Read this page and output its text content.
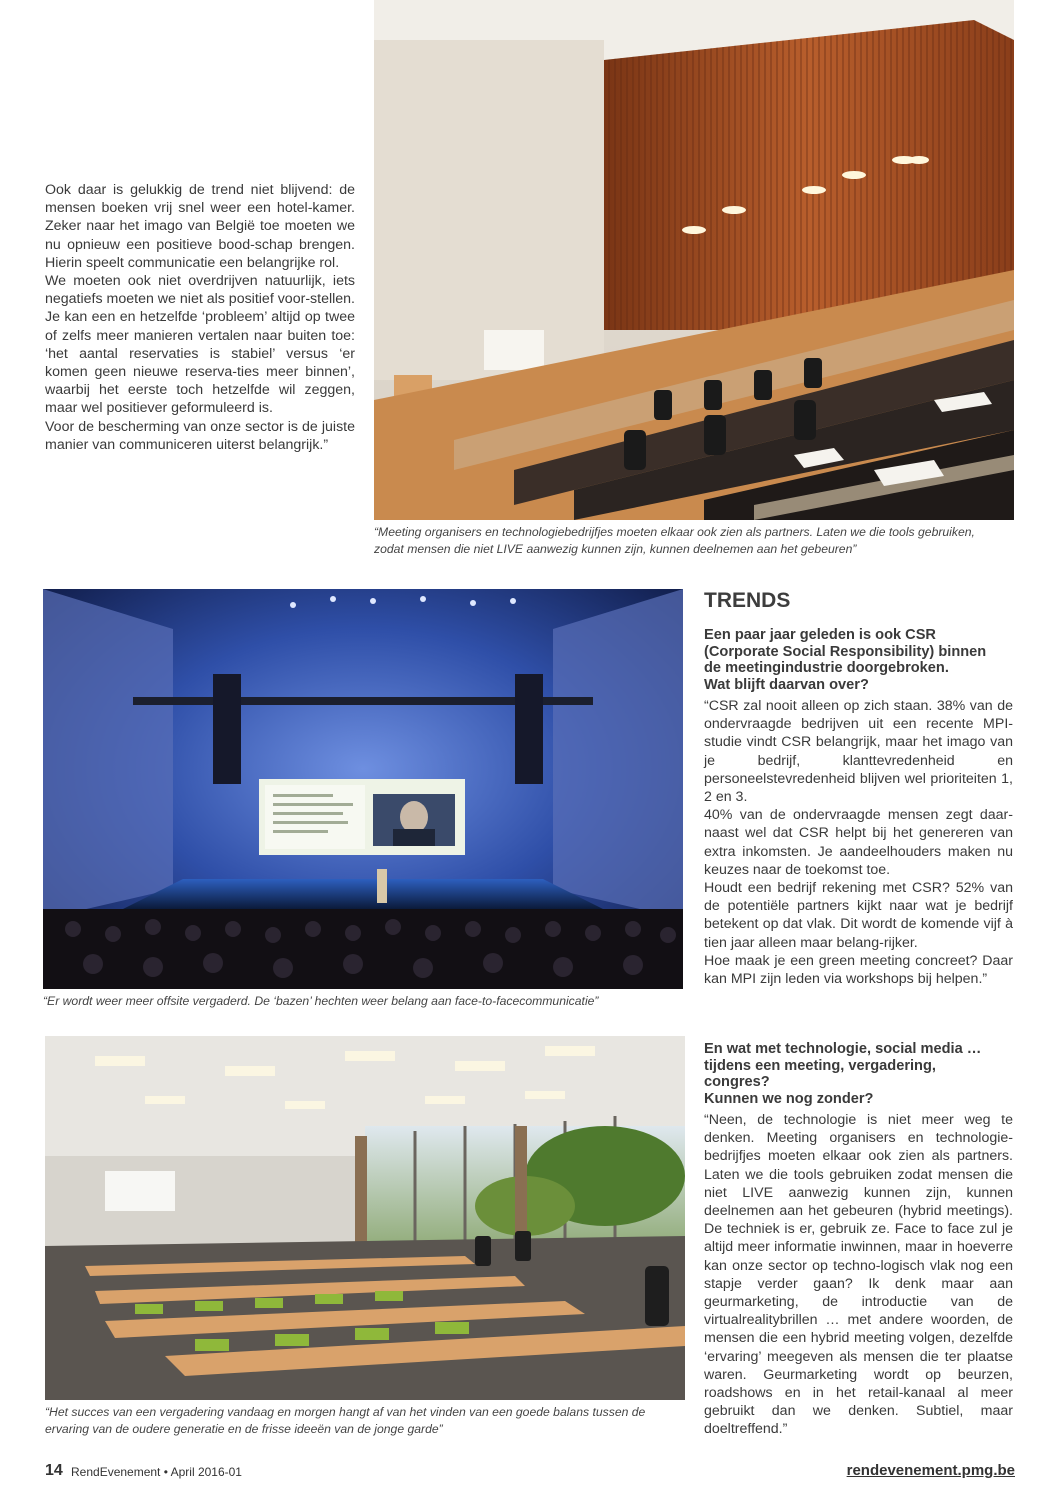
Ook daar is gelukkig de trend niet blijvend: de mensen boeken vrij snel weer een hotel-kamer. Zeker naar het imago van België toe moeten we nu opnieuw een positieve bood-schap brengen. Hierin speelt communicatie een belangrijke rol.

We moeten ook niet overdrijven natuurlijk, iets negatiefs moeten we niet als positief voor-stellen. Je kan een en hetzelfde ‘probleem’ altijd op twee of zelfs meer manieren vertalen naar buiten toe: ‘het aantal reservaties is stabiel’ versus ‘er komen geen nieuwe reserva-ties meer binnen’, waarbij het eerste toch hetzelfde wil zeggen, maar wel positiever geformuleerd is.

Voor de bescherming van onze sector is de juiste manier van communiceren uiterst belangrijk.”

“Meeting organisers en technologiebedrijfjes moeten elkaar ook zien als partners. Laten we die tools gebruiken, zodat mensen die niet LIVE aanwezig kunnen zijn, kunnen deelnemen aan het gebeuren”
“Er wordt weer meer offsite vergaderd. De ‘bazen’ hechten weer belang aan face-to-facecommunicatie”
“Het succes van een vergadering vandaag en morgen hangt af van het vinden van een goede balans tussen de ervaring van de oudere generatie en de frisse ideeën van de jonge garde”
TRENDS
Een paar jaar geleden is ook CSR
(Corporate Social Responsibility) binnen
de meetingindustrie doorgebroken.
Wat blijft daarvan over?

“CSR zal nooit alleen op zich staan. 38% van de ondervraagde bedrijven uit een recente MPI-studie vindt CSR belangrijk, maar het imago van je bedrijf, klanttevredenheid en personeelstevredenheid blijven wel prioriteiten 1, 2 en 3.

40% van de ondervraagde mensen zegt daar-naast wel dat CSR helpt bij het genereren van extra inkomsten. Je aandeelhouders maken nu keuzes naar de toekomst toe.

Houdt een bedrijf rekening met CSR? 52% van de potentiële partners kijkt naar wat je bedrijf betekent op dat vlak. Dit wordt de komende vijf à tien jaar alleen maar belang-rijker.

Hoe maak je een green meeting concreet? Daar kan MPI zijn leden via workshops bij helpen.”

En wat met technologie, social media …
tijdens een meeting, vergadering,
congres?
Kunnen we nog zonder?

“Neen, de technologie is niet meer weg te denken. Meeting organisers en technologie-bedrijfjes moeten elkaar ook zien als partners. Laten we die tools gebruiken zodat mensen die niet LIVE aanwezig kunnen zijn, kunnen deelnemen aan het gebeuren (hybrid meetings). De techniek is er, gebruik ze. Face to face zul je altijd meer informatie inwinnen, maar in hoeverre kan onze sector op techno-logisch vlak nog een stapje verder gaan? Ik denk maar aan geurmarketing, de introductie van de virtualrealitybrillen … met andere woorden, de mensen die een hybrid meeting volgen, dezelfde ‘ervaring’ meegeven als mensen die ter plaatse waren. Geurmarketing wordt op beurzen, roadshows en in het retail-kanaal al meer gebruikt dan we denken. Subtiel, maar doeltreffend.”

14 RendEvenement • April 2016-01	rendevenement.pmg.be
